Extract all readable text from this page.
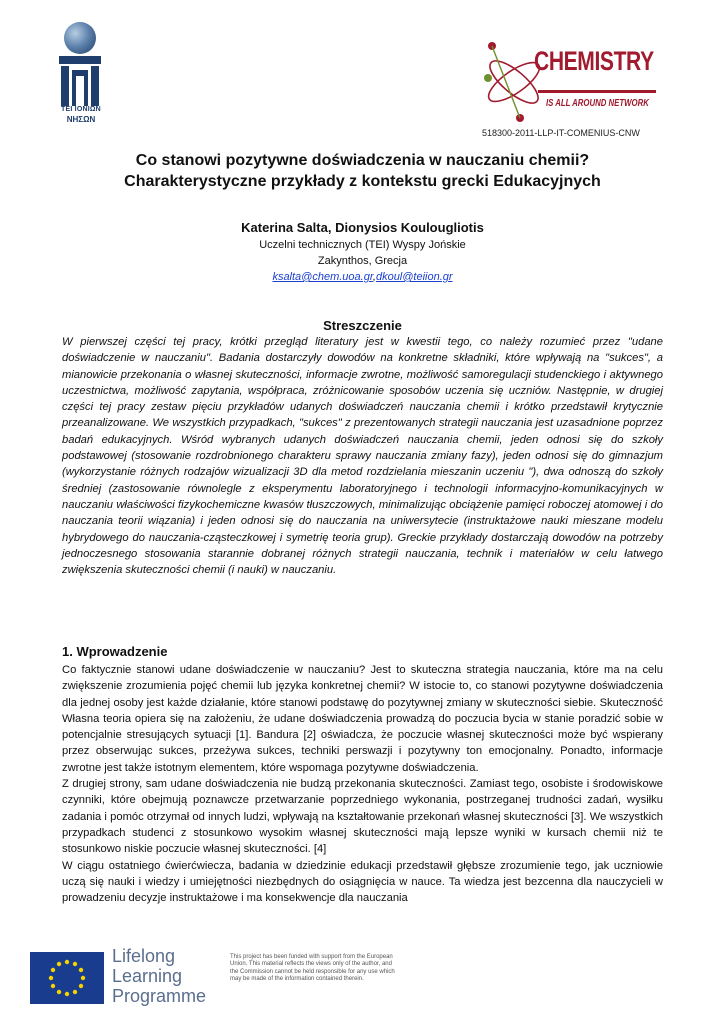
TEI ΙΟΝΙΩΝ
ΝΗΣΩΝ
CHEMISTRY
IS ALL AROUND NETWORK
518300-2011-LLP-IT-COMENIUS-CNW
Co stanowi pozytywne doświadczenia w nauczaniu chemii?
Charakterystyczne przykłady z kontekstu grecki Edukacyjnych
Katerina Salta, Dionysios Koulougliotis
Uczelni technicznych (TEI) Wyspy Jońskie
Zakynthos, Grecja
ksalta@chem.uoa.gr,dkoul@teiion.gr
Streszczenie

W pierwszej części tej pracy, krótki przegląd literatury jest w kwestii tego, co należy rozumieć przez "udane doświadczenie w nauczaniu". Badania dostarczyły dowodów na konkretne składniki, które wpływają na "sukces", a mianowicie przekonania o własnej skuteczności, informacje zwrotne, możliwość samoregulacji studenckiego i aktywnego uczestnictwa, możliwość zapytania, współpraca, zróżnicowanie sposobów uczenia się uczniów. Następnie, w drugiej części tej pracy zestaw pięciu przykładów udanych doświadczeń nauczania chemii i krótko przedstawił krytycznie przeanalizowane. We wszystkich przypadkach, "sukces" z prezentowanych strategii nauczania jest uzasadnione poprzez badań edukacyjnych. Wśród wybranych udanych doświadczeń nauczania chemii, jeden odnosi się do szkoły podstawowej (stosowanie rozdrobnionego charakteru sprawy nauczania zmiany fazy), jeden odnosi się do gimnazjum (wykorzystanie różnych rodzajów wizualizacji 3D dla metod rozdzielania mieszanin uczeniu "), dwa odnoszą do szkoły średniej (zastosowanie równolegle z eksperymentu laboratoryjnego i technologii informacyjno-komunikacyjnych w nauczaniu właściwości fizykochemiczne kwasów tłuszczowych, minimalizując obciążenie pamięci roboczej atomowej i do nauczania teorii wiązania) i jeden odnosi się do nauczania na uniwersytecie (instruktażowe nauki mieszane modelu hybrydowego do nauczania-cząsteczkowej i symetrię teoria grup). Greckie przykłady dostarczają dowodów na potrzeby jednoczesnego stosowania starannie dobranej różnych strategii nauczania, technik i materiałów w celu łatwego zwiększenia skuteczności chemii (i nauki) w nauczaniu.

1. Wprowadzenie

Co faktycznie stanowi udane doświadczenie w nauczaniu? Jest to skuteczna strategia nauczania, które ma na celu zwiększenie zrozumienia pojęć chemii lub języka konkretnej chemii? W istocie to, co stanowi pozytywne doświadczenia dla jednej osoby jest każde działanie, które stanowi podstawę do pozytywnej zmiany w skuteczności siebie. Skuteczność Własna teoria opiera się na założeniu, że udane doświadczenia prowadzą do poczucia bycia w stanie poradzić sobie w potencjalnie stresujących sytuacji [1]. Bandura [2] oświadcza, że poczucie własnej skuteczności może być wspierany przez obserwując sukces, przeżywa sukces, techniki perswazji i pozytywny ton emocjonalny. Ponadto, informacje zwrotne jest także istotnym elementem, które wspomaga pozytywne doświadczenia.

Z drugiej strony, sam udane doświadczenia nie budzą przekonania skuteczności. Zamiast tego, osobiste i środowiskowe czynniki, które obejmują poznawcze przetwarzanie poprzedniego wykonania, postrzeganej trudności zadań, wysiłku zadania i pomóc otrzymał od innych ludzi, wpływają na kształtowanie przekonań własnej skuteczności [3]. We wszystkich przypadkach studenci z stosunkowo wysokim własnej skuteczności mają lepsze wyniki w kursach chemii niż te stosunkowo niskie poczucie własnej skuteczności. [4]

W ciągu ostatniego ćwierćwiecza, badania w dziedzinie edukacji przedstawił głębsze zrozumienie tego, jak uczniowie uczą się nauki i wiedzy i umiejętności niezbędnych do osiągnięcia w nauce. Ta wiedza jest bezcenna dla nauczycieli w prowadzeniu decyzje instruktażowe i ma konsekwencje dla nauczania

Lifelong
Learning
Programme
This project has been funded with support from the European Union. This material reflects the views only of the author, and the Commission cannot be held responsible for any use which may be made of the information contained therein.
